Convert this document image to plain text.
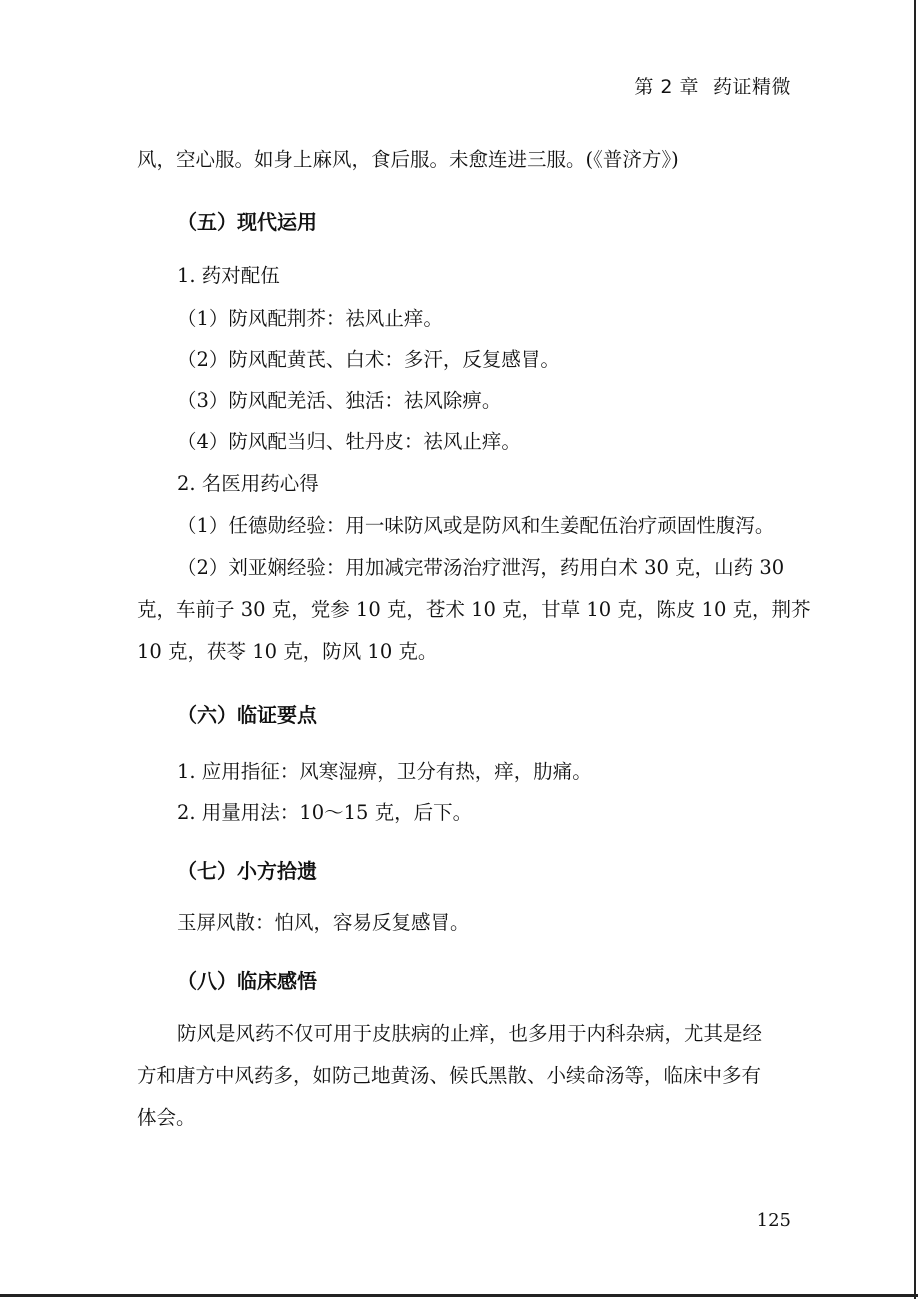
第 2 章 药证精微
风，空心服。如身上麻风，食后服。未愈连进三服。(《普济方》)
（五）现代运用
1. 药对配伍
（1）防风配荆芥：祛风止痒。
（2）防风配黄芪、白术：多汗，反复感冒。
（3）防风配羌活、独活：祛风除痹。
（4）防风配当归、牡丹皮：祛风止痒。
2. 名医用药心得
（1）任德勋经验：用一味防风或是防风和生姜配伍治疗顽固性腹泻。
（2）刘亚娴经验：用加减完带汤治疗泄泻，药用白术 30 克，山药 30
克，车前子 30 克，党参 10 克，苍术 10 克，甘草 10 克，陈皮 10 克，荆芥
10 克，茯苓 10 克，防风 10 克。
（六）临证要点
1. 应用指征：风寒湿痹，卫分有热，痒，肋痛。
2. 用量用法：10～15 克，后下。
（七）小方拾遗
玉屏风散：怕风，容易反复感冒。
（八）临床感悟
防风是风药不仅可用于皮肤病的止痒，也多用于内科杂病，尤其是经
方和唐方中风药多，如防己地黄汤、候氏黑散、小续命汤等，临床中多有
体会。
125
